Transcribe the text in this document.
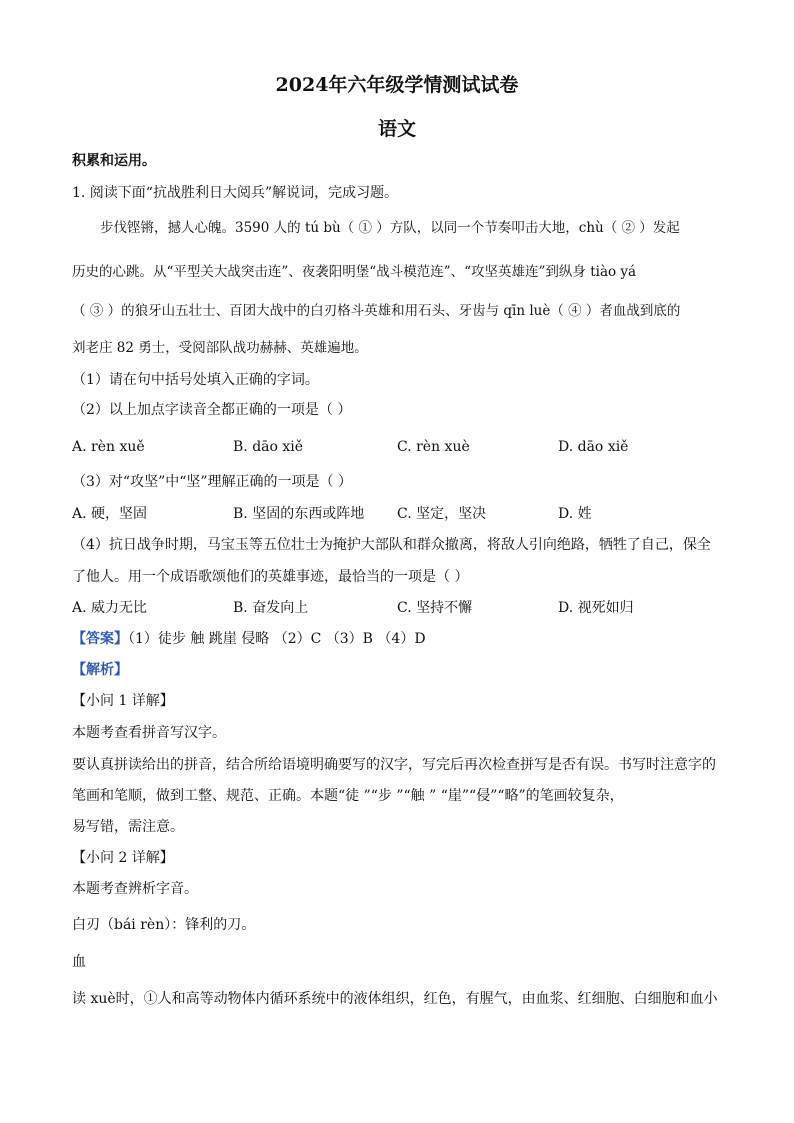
2024年六年级学情测试试卷
语文
积累和运用。
1. 阅读下面“抗战胜利日大阅兵”解说词，完成习题。
步伐铿锵，撼人心魄。3590 人的 tú bù（ ① ）方队，以同一个节奏叩击大地，chù（ ② ）发起
历史的心跳。从“平型关大战突击连”、夜袭阳明堡“战斗模范连”、“攻坚英雄连”到纵身 tiào yá
（ ③ ）的狼牙山五壮士、百团大战中的白刃格斗英雄和用石头、牙齿与 qīn luè（ ④ ）者血战到底的
刘老庄 82 勇士，受阅部队战功赫赫、英雄遍地。
（1）请在句中括号处填入正确的字词。
（2）以上加点字读音全都正确的一项是（ ）
A. rèn xuě	B. dāo xiě	C. rèn xuè	D. dāo xiě
（3）对“攻坚”中“坚”理解正确的一项是（ ）
A. 硬，坚固	B. 坚固的东西或阵地 C. 坚定，坚决	D. 姓
（4）抗日战争时期，马宝玉等五位壮士为掩护大部队和群众撤离，将敌人引向绝路，牺牲了自己，保全
了他人。用一个成语歌颂他们的英雄事迹，最恰当的一项是（ ）
A. 威力无比	B. 奋发向上	C. 坚持不懈	D. 视死如归
【答案】（1）徒步 触 跳崖 侵略 （2）C （3）B （4）D
【解析】
【小问 1 详解】
本题考查看拼音写汉字。
要认真拼读给出的拼音，结合所给语境明确要写的汉字，写完后再次检查拼写是否有误。书写时注意字的
笔画和笔顺，做到工整、规范、正确。本题“徒 ”“步 ”“触 ” “崖”“侵”“略”的笔画较复杂，
易写错，需注意。
【小问 2 详解】
本题考查辨析字音。
白刃（bái rèn）：锋利的刀。
血
读 xuè时，①人和高等动物体内循环系统中的液体组织，红色，有腥气，由血浆、红细胞、白细胞和血小
